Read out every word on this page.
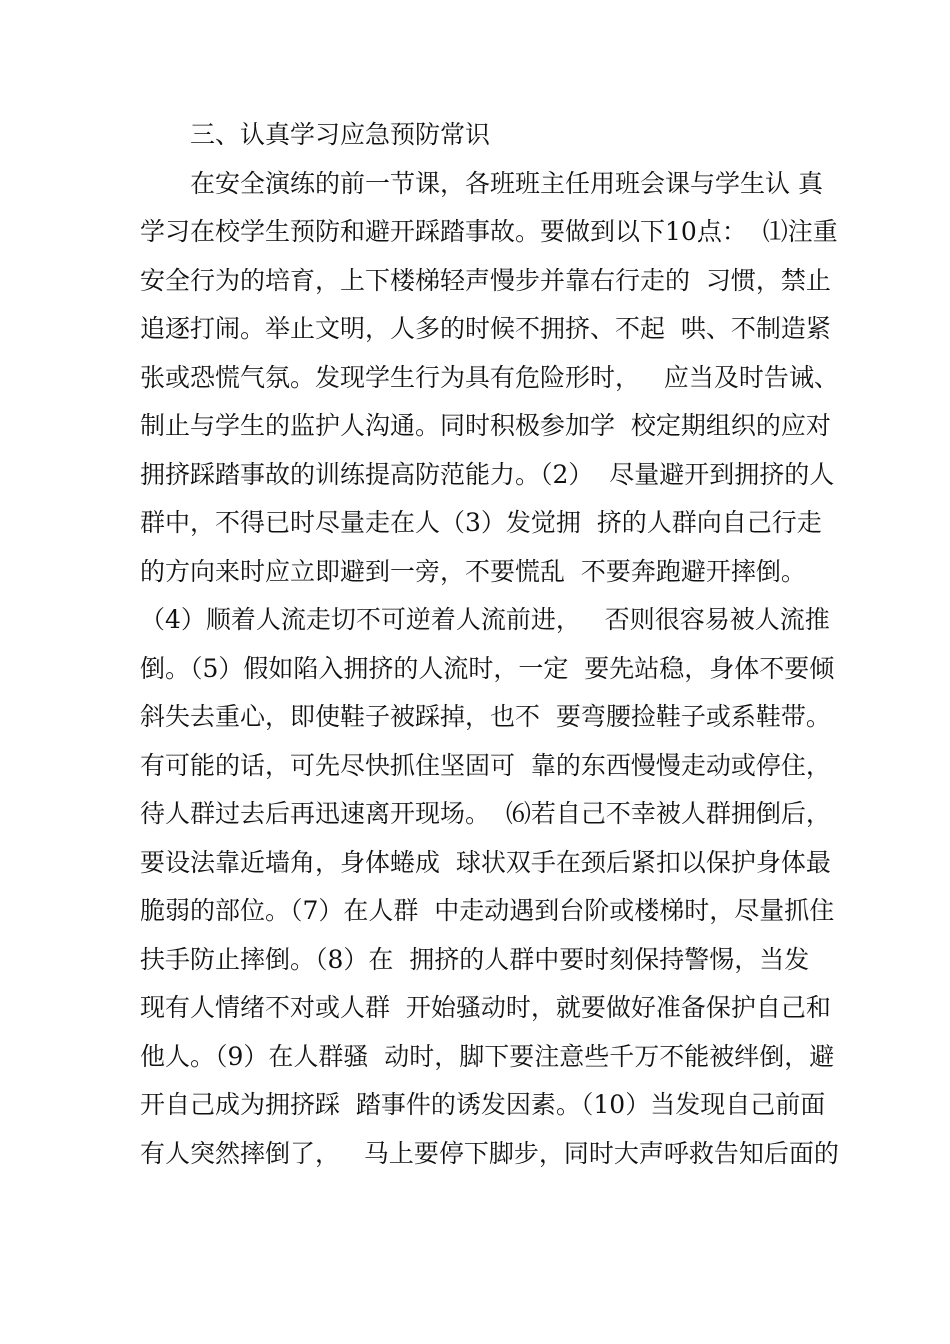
三、认真学习应急预防常识
在安全演练的前一节课，各班班主任用班会课与学生认 真
学习在校学生预防和避开踩踏事故。要做到以下10点：  ⑴注重
安全行为的培育，上下楼梯轻声慢步并靠右行走的  习惯，禁止
追逐打闹。举止文明，人多的时候不拥挤、不起  哄、不制造紧
张或恐慌气氛。发现学生行为具有危险形时，   应当及时告诫、
制止与学生的监护人沟通。同时积极参加学  校定期组织的应对
拥挤踩踏事故的训练提高防范能力。（2）  尽量避开到拥挤的人
群中，不得已时尽量走在人（3）发觉拥  挤的人群向自己行走
的方向来时应立即避到一旁，不要慌乱  不要奔跑避开摔倒。
（4）顺着人流走切不可逆着人流前进，   否则很容易被人流推
倒。（5）假如陷入拥挤的人流时，一定  要先站稳，身体不要倾
斜失去重心，即使鞋子被踩掉，也不  要弯腰捡鞋子或系鞋带。
有可能的话，可先尽快抓住坚固可  靠的东西慢慢走动或停住，
待人群过去后再迅速离开现场。  ⑹若自己不幸被人群拥倒后，
要设法靠近墙角，身体蜷成  球状双手在颈后紧扣以保护身体最
脆弱的部位。（7）在人群  中走动遇到台阶或楼梯时，尽量抓住
扶手防止摔倒。（8）在  拥挤的人群中要时刻保持警惕，当发
现有人情绪不对或人群  开始骚动时，就要做好准备保护自己和
他人。（9）在人群骚  动时，脚下要注意些千万不能被绊倒，避
开自己成为拥挤踩  踏事件的诱发因素。（10）当发现自己前面
有人突然摔倒了，   马上要停下脚步，同时大声呼救告知后面的
